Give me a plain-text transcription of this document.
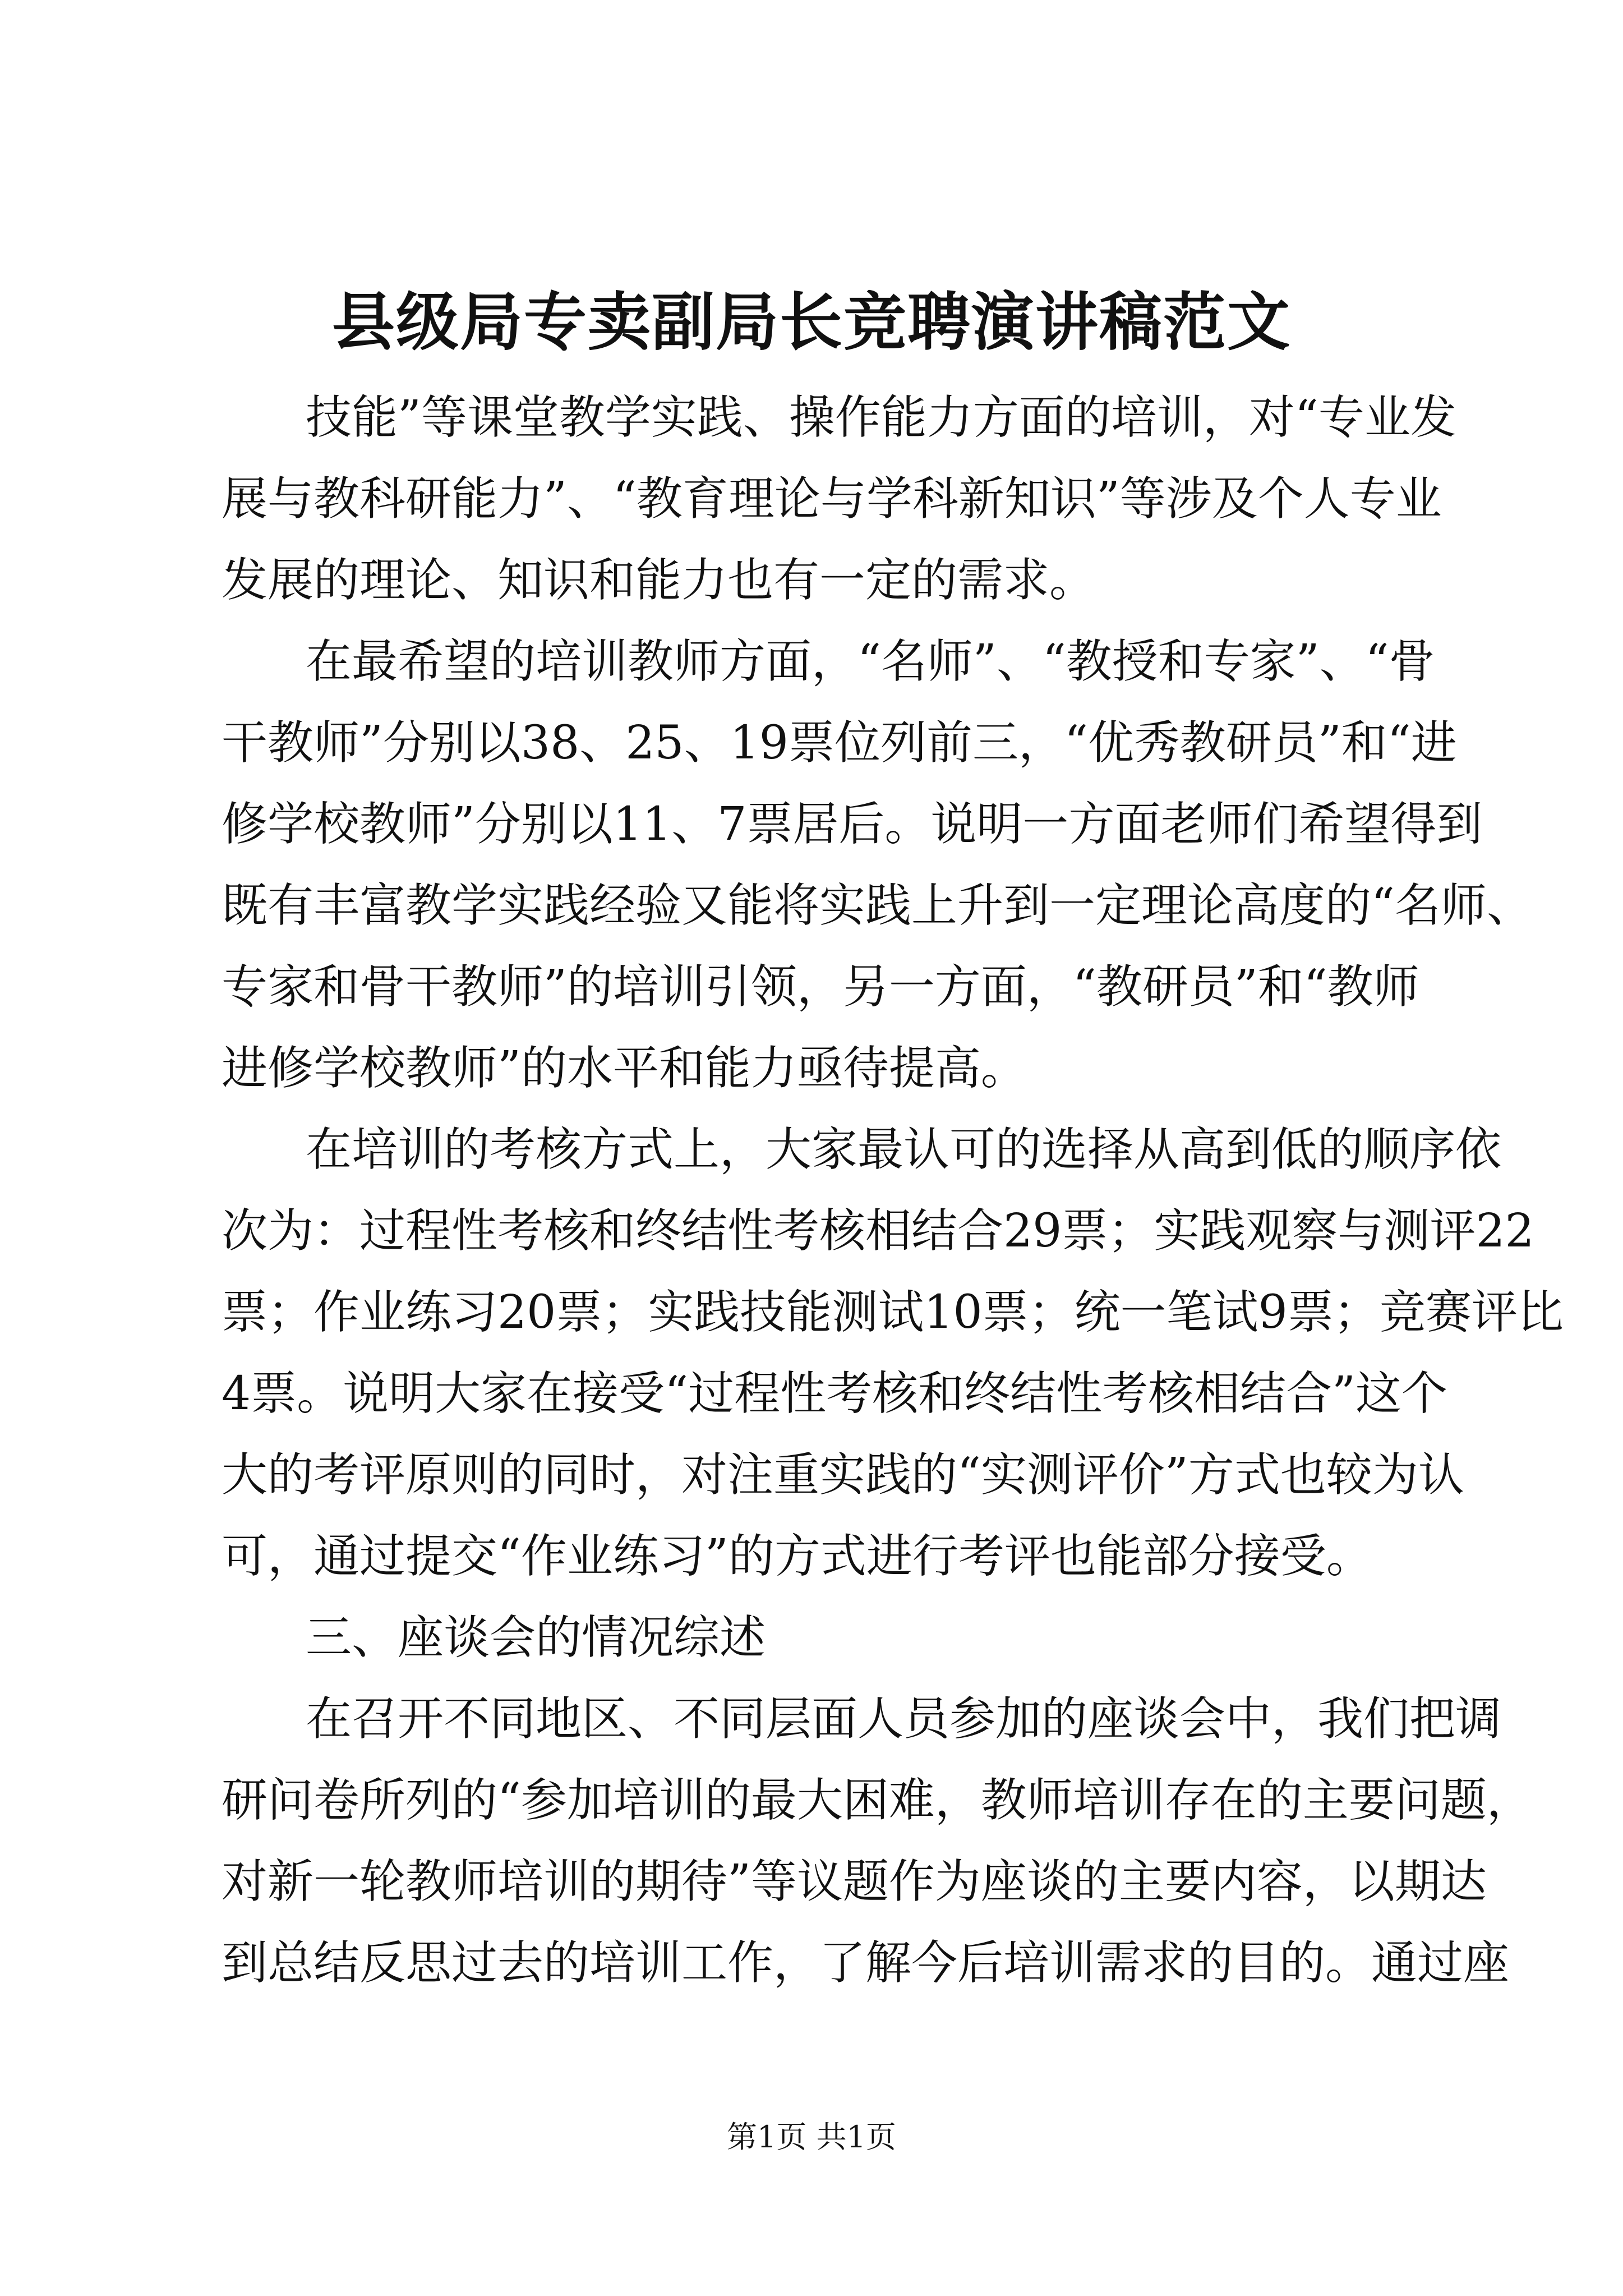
县级局专卖副局长竞聘演讲稿范文
技能”等课堂教学实践、操作能力方面的培训，对“专业发
展与教科研能力”、“教育理论与学科新知识”等涉及个人专业
发展的理论、知识和能力也有一定的需求。
在最希望的培训教师方面，“名师”、“教授和专家”、“骨
干教师”分别以38、25、19票位列前三，“优秀教研员”和“进
修学校教师”分别以11、7票居后。说明一方面老师们希望得到
既有丰富教学实践经验又能将实践上升到一定理论高度的“名师、
专家和骨干教师”的培训引领，另一方面，“教研员”和“教师
进修学校教师”的水平和能力亟待提高。
在培训的考核方式上，大家最认可的选择从高到低的顺序依
次为：过程性考核和终结性考核相结合29票；实践观察与测评22
票；作业练习20票；实践技能测试10票；统一笔试9票；竞赛评比
4票。说明大家在接受“过程性考核和终结性考核相结合”这个
大的考评原则的同时，对注重实践的“实测评价”方式也较为认
可，通过提交“作业练习”的方式进行考评也能部分接受。
三、座谈会的情况综述
在召开不同地区、不同层面人员参加的座谈会中，我们把调
研问卷所列的“参加培训的最大困难，教师培训存在的主要问题，
对新一轮教师培训的期待”等议题作为座谈的主要内容，以期达
到总结反思过去的培训工作，了解今后培训需求的目的。通过座
第1页 共1页
